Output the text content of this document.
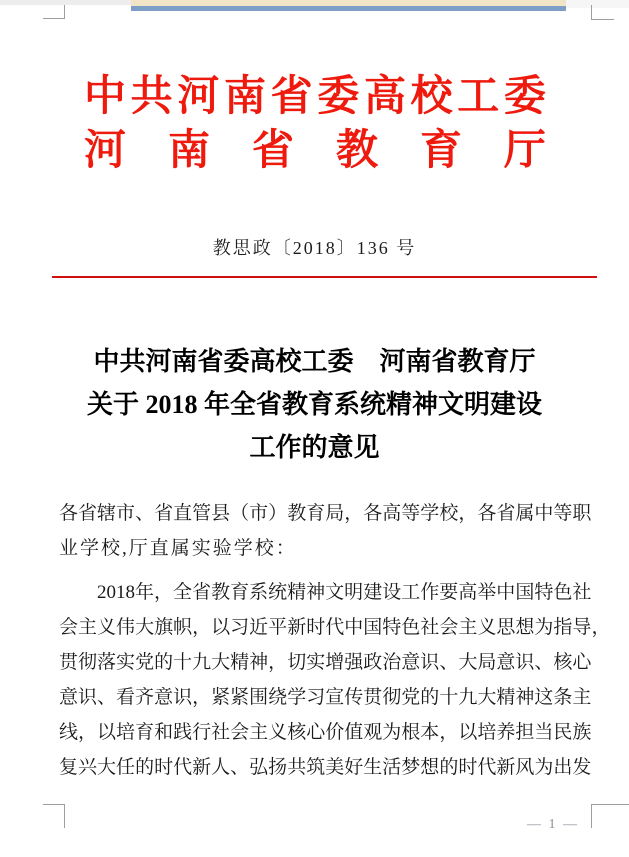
中 共 河 南 省 委 高 校 工 委
河 南 省 教 育 厅
教思政〔2018〕136 号
中共河南省委高校工委　河南省教育厅
关于 2018 年全省教育系统精神文明建设
工作的意见
各 省 辖 市 、 省 直 管 县 （ 市 ） 教 育 局 ， 各 高 等 学 校 ， 各 省 属 中 等 职
业学校,厅直属实验学校：
2 0 1 8 年 ， 全 省 教 育 系 统 精 神 文 明 建 设 工 作 要 高 举 中 国 特 色 社
会 主 义 伟 大 旗 帜 ， 以 习 近 平 新 时 代 中 国 特 色 社 会 主 义 思 想 为 指 导 ，
贯 彻 落 实 党 的 十 九 大 精 神 ， 切 实 增 强 政 治 意 识 、 大 局 意 识 、 核 心
意 识 、 看 齐 意 识 ， 紧 紧 围 绕 学 习 宣 传 贯 彻 党 的 十 九 大 精 神 这 条 主
线 ， 以 培 育 和 践 行 社 会 主 义 核 心 价 值 观 为 根 本 ， 以 培 养 担 当 民 族
复 兴 大 任 的 时 代 新 人 、 弘 扬 共 筑 美 好 生 活 梦 想 的 时 代 新 风 为 出 发
— 1 —
